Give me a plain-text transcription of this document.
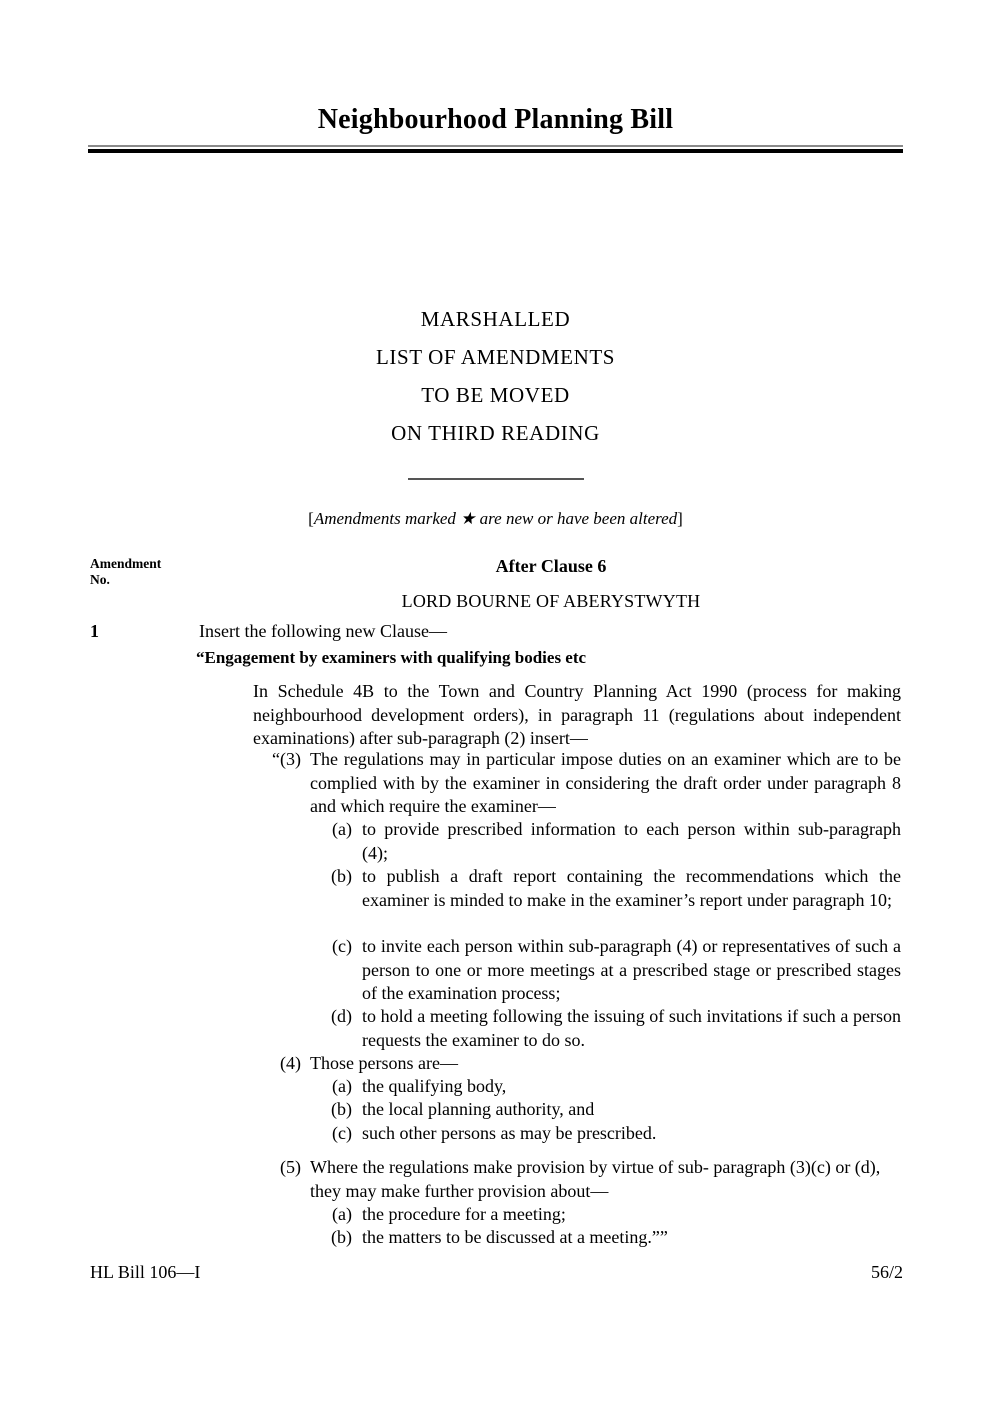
Neighbourhood Planning Bill
MARSHALLED
LIST OF AMENDMENTS
TO BE MOVED
ON THIRD READING
[Amendments marked ★ are new or have been altered]
Amendment
No.
After Clause 6
LORD BOURNE OF ABERYSTWYTH
1	Insert the following new Clause—
“Engagement by examiners with qualifying bodies etc
In Schedule 4B to the Town and Country Planning Act 1990 (process for making neighbourhood development orders), in paragraph 11 (regulations about independent examinations) after sub-paragraph (2) insert—
“(3) The regulations may in particular impose duties on an examiner which are to be complied with by the examiner in considering the draft order under paragraph 8 and which require the examiner—
(a) to provide prescribed information to each person within sub-paragraph (4);
(b) to publish a draft report containing the recommendations which the examiner is minded to make in the examiner’s report under paragraph 10;
(c) to invite each person within sub-paragraph (4) or representatives of such a person to one or more meetings at a prescribed stage or prescribed stages of the examination process;
(d) to hold a meeting following the issuing of such invitations if such a person requests the examiner to do so.
(4) Those persons are—
(a) the qualifying body,
(b) the local planning authority, and
(c) such other persons as may be prescribed.
(5) Where the regulations make provision by virtue of sub- paragraph (3)(c) or (d), they may make further provision about—
(a) the procedure for a meeting;
(b) the matters to be discussed at a meeting.””
HL Bill 106—I	56/2
